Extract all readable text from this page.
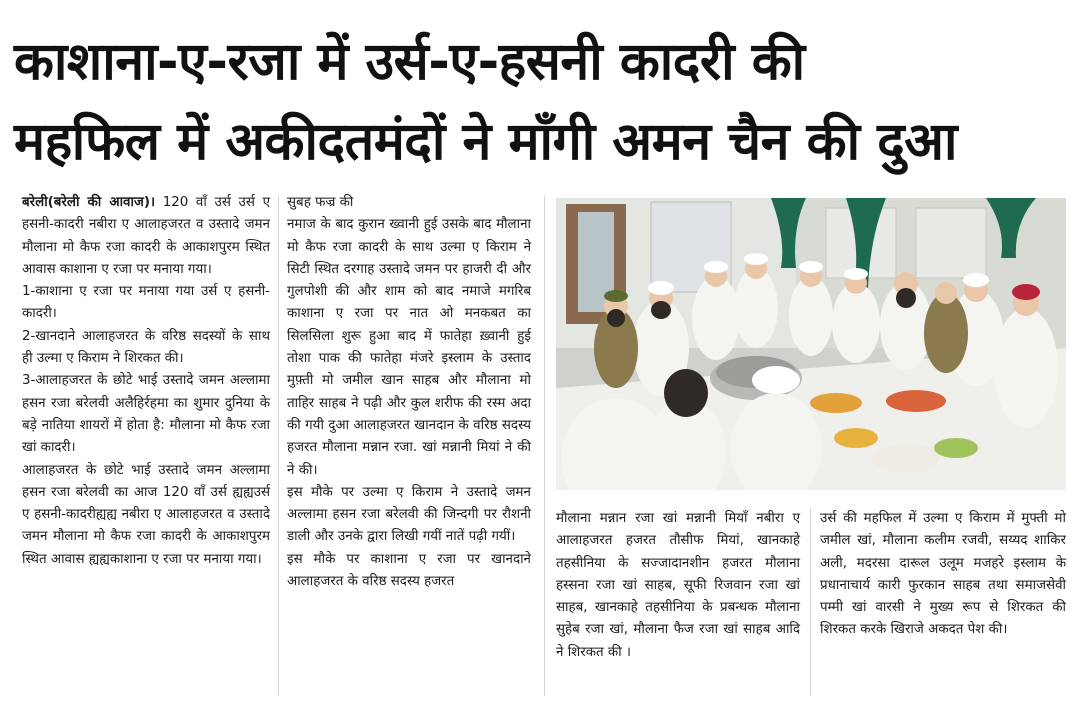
काशाना-ए-रजा में उर्स-ए-हसनी कादरी की
महफिल में अकीदतमंदों ने माँगी अमन चैन की दुआ

बरेली(बरेली की आवाज)। 120 वाँ उर्स उर्स ए हसनी-कादरी नबीरा ए आलाहजरत व उस्तादे जमन मौलाना मो कैफ रजा कादरी के आकाशपुरम स्थित आवास काशाना ए रजा पर मनाया गया।

1-काशाना ए रजा पर मनाया गया उर्स ए हसनी-कादरी।

2-खानदाने आलाहजरत के वरिष्ठ सदस्यों के साथ ही उल्मा ए किराम ने शिरकत की।

3-आलाहजरत के छोटे भाई उस्तादे जमन अल्लामा हसन रजा बरेलवी अलैहिर्रहमा का शुमार दुनिया के बड़े नातिया शायरों में होता है: मौलाना मो कैफ रजा खां कादरी।

आलाहजरत के छोटे भाई उस्तादे जमन अल्लामा हसन रजा बरेलवी का आज 120 वाँ उर्स ह्यह्यउर्स ए हसनी-कादरीह्यह्य नबीरा ए आलाहजरत व उस्तादे जमन मौलाना मो कैफ रजा कादरी के आकाशपुरम स्थित आवास ह्यह्यकाशाना ए रजा पर मनाया गया।

सुबह फज्र की

नमाज के बाद कुरान ख्वानी हुई उसके बाद मौलाना मो कैफ रजा कादरी के साथ उल्मा ए किराम ने सिटी स्थित दरगाह उस्तादे जमन पर हाजरी दी और गुलपोशी की और शाम को बाद नमाजे मगरिब काशाना ए रजा पर नात ओ मनकबत का सिलसिला शुरू हुआ बाद में फातेहा ख़्वानी हुई तोशा पाक की फातेहा मंजरे इस्लाम के उस्ताद मुफ़्ती मो जमील खान साहब और मौलाना मो ताहिर साहब ने पढ़ी और कुल शरीफ की रस्म अदा की गयी दुआ आलाहजरत खानदान के वरिष्ठ सदस्य हजरत मौलाना मन्नान रजा. खां मन्नानी मियां ने की ने की।

इस मौके पर उल्मा ए किराम ने उस्तादे जमन अल्लामा हसन रजा बरेलवी की जिन्दगी पर रौशनी डाली और उनके द्वारा लिखी गयीं नातें पढ़ी गयीं।

इस मौके पर काशाना ए रजा पर खानदाने आलाहजरत के वरिष्ठ सदस्य हजरत

मौलाना मन्नान रजा खां मन्नानी मियाँ नबीरा ए आलाहजरत हजरत तौसीफ मियां, खानकाहे तहसीनिया के सज्जादानशीन हजरत मौलाना हस्सना रजा खां साहब, सूफी रिजवान रजा खां साहब, खानकाहे तहसीनिया के प्रबन्धक मौलाना सुहेब रजा खां, मौलाना फैज रजा खां साहब आदि ने शिरकत की ।

उर्स की महफिल में उल्मा ए किराम में मुफ्ती मो जमील खां, मौलाना कलीम रजवी, सय्यद शाकिर अली, मदरसा दारूल उलूम मजहरे इस्लाम के प्रधानाचार्य कारी फुरकान साहब तथा समाजसेवी पम्मी खां वारसी ने मुख्य रूप से शिरकत की शिरकत करके खिराजे अकदत पेश की।
